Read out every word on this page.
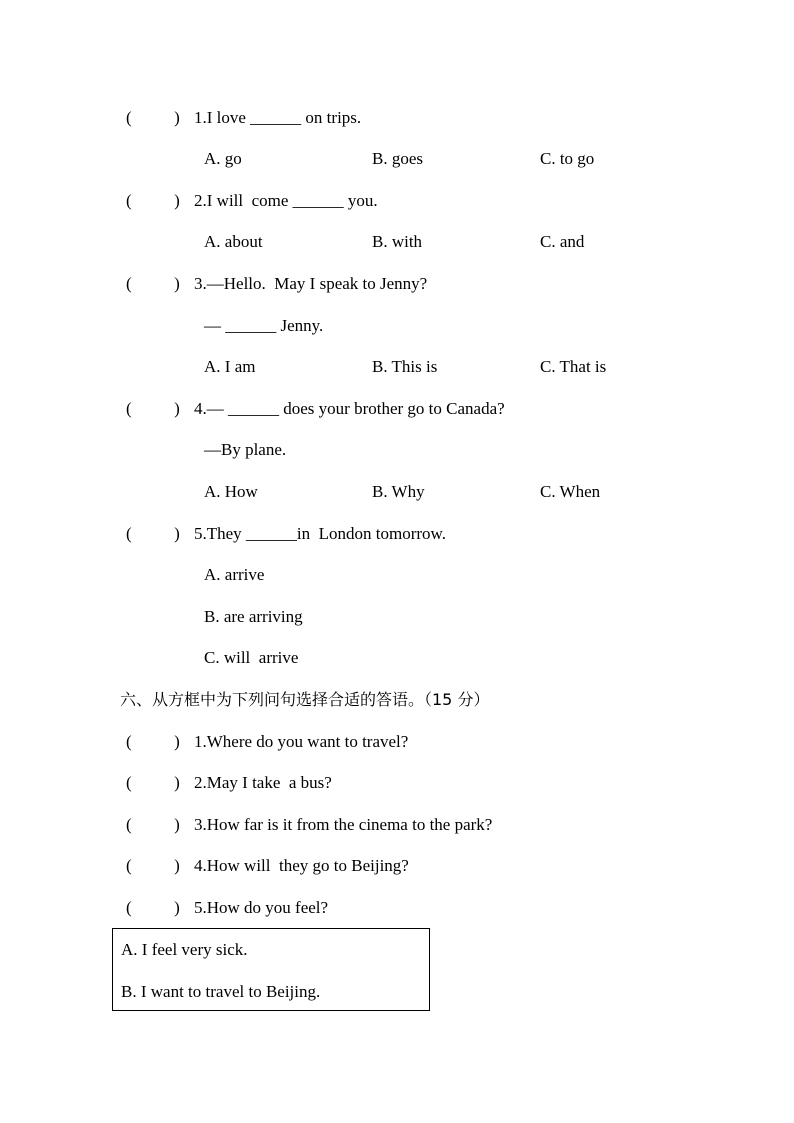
(          ) 1.I love ______ on trips.
A. go	B. goes	C. to go
(          ) 2.I will  come ______ you.
A. about	B. with	C. and
(          ) 3.—Hello.  May I speak to Jenny?
— ______ Jenny.
A. I am	B. This is	C. That is
(          ) 4.— ______ does your brother go to Canada?
—By plane.
A. How	B. Why	C. When
(          ) 5.They ______in  London tomorrow.
A. arrive
B. are arriving
C. will  arrive
六、从方框中为下列问句选择合适的答语。（15 分）
(          ) 1.Where do you want to travel?
(          ) 2.May I take  a bus?
(          ) 3.How far is it from the cinema to the park?
(          ) 4.How will  they go to Beijing?
(          ) 5.How do you feel?
A. I feel very sick.
B. I want to travel to Beijing.
